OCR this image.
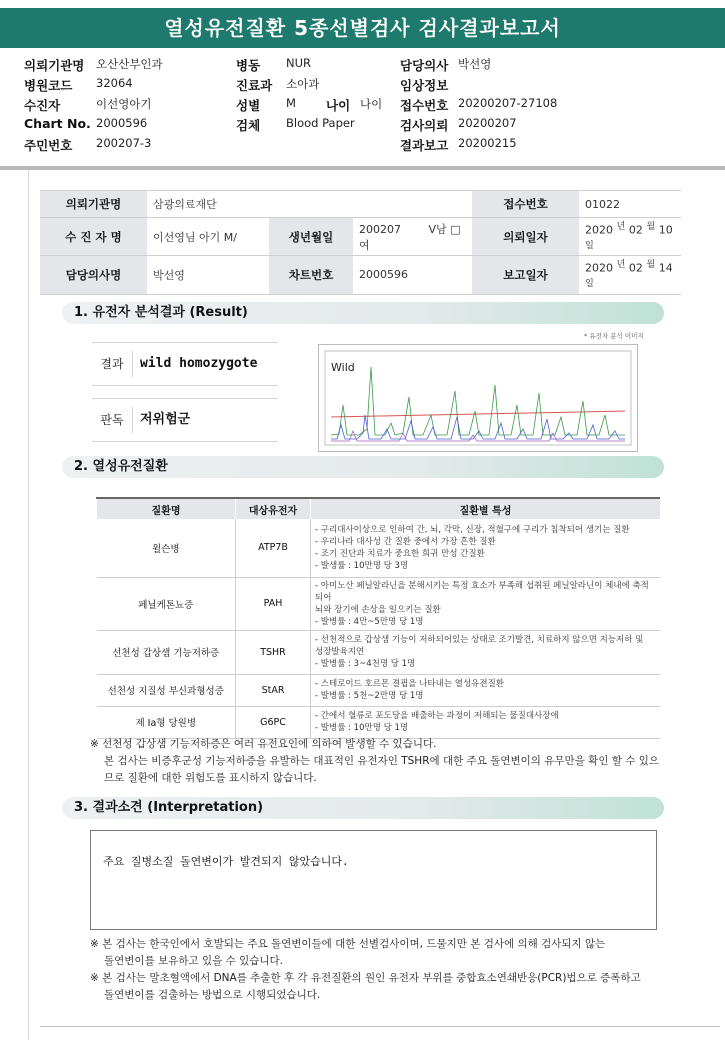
열성유전질환 5종선별검사 검사결과보고서
의뢰기관명 오산산부인과	병동 NUR	담당의사 박선영
병원코드 32064	진료과 소아과	임상정보
수진자	이선영아기	성별 M 나이 나이 접수번호 20200207-27108
Chart No. 2000596	검체 Blood Paper	검사의뢰 20200207
주민번호 200207-3	결과보고 20200215
의뢰기관명	삼광의료재단			접수번호	01022
수 진 자 명	이선영님 아기 M/	생년월일	200207 V남 □여	의뢰일자	2020 $^년$ 02 $^월$ 10 $^일$
담당의사명	박선영	차트번호	2000596	보고일자	2020 $^년$ 02 $^월$ 14 $^일$
1. 유전자 분석결과 (Result)
* 유전자 분석 이미지
결과	wild homozygote
판독	저위험군
Wild
2. 열성유전질환
질환명	대상유전자	질환별 특성
윌슨병	ATP7B	- 구리대사이상으로 인하여 간, 뇌, 각막, 신장, 적혈구에 구리가 침착되어 생기는 질환
- 우리나라 대사성 간 질환 중에서 가장 흔한 질환
- 조기 진단과 치료가 중요한 희귀 만성 간질환
- 발생률 : 10만명 당 3명

페닐케톤뇨증	PAH	- 아미노산 페닐알라닌을 분해시키는 특정 효소가 부족해 섭취된 페닐알라닌이 체내에 축적되어
뇌와 장기에 손상을 일으키는 질환
- 발병률 : 4만~5만명 당 1명

선천성 갑상샘 기능저하증	TSHR	- 선천적으로 갑상샘 기능이 저하되어있는 상태로 조기발견, 치료하지 않으면 지능저하 및
성장발육지연
- 발병률 : 3~4천명 당 1명

선천성 지질성 부신과형성증	StAR	- 스테로이드 호르몬 결핍을 나타내는 열성유전질환
- 발병률 : 5천~2만명 당 1명

제 Ia형 당원병	G6PC	- 간에서 혈류로 포도당을 배출하는 과정이 저해되는 물질대사장애
- 발병률 : 10만명 당 1명
※ 선천성 갑상샘 기능저하증은 여러 유전요인에 의하여 발생할 수 있습니다.
본 검사는 비증후군성 기능저하증을 유발하는 대표적인 유전자인 TSHR에 대한 주요 돌연변이의 유무만을 확인 할 수 있으
므로 질환에 대한 위험도를 표시하지 않습니다.
3. 결과소견 (Interpretation)
주요 질병소질 돌연변이가 발견되지 않았습니다.
※ 본 검사는 한국인에서 호발되는 주요 돌연변이들에 대한 선별검사이며, 드물지만 본 검사에 의해 검사되지 않는
돌연변이를 보유하고 있을 수 있습니다.
※ 본 검사는 말초혈액에서 DNA를 추출한 후 각 유전질환의 원인 유전자 부위를 중합효소연쇄반응(PCR)법으로 증폭하고
돌연변이를 검출하는 방법으로 시행되었습니다.
